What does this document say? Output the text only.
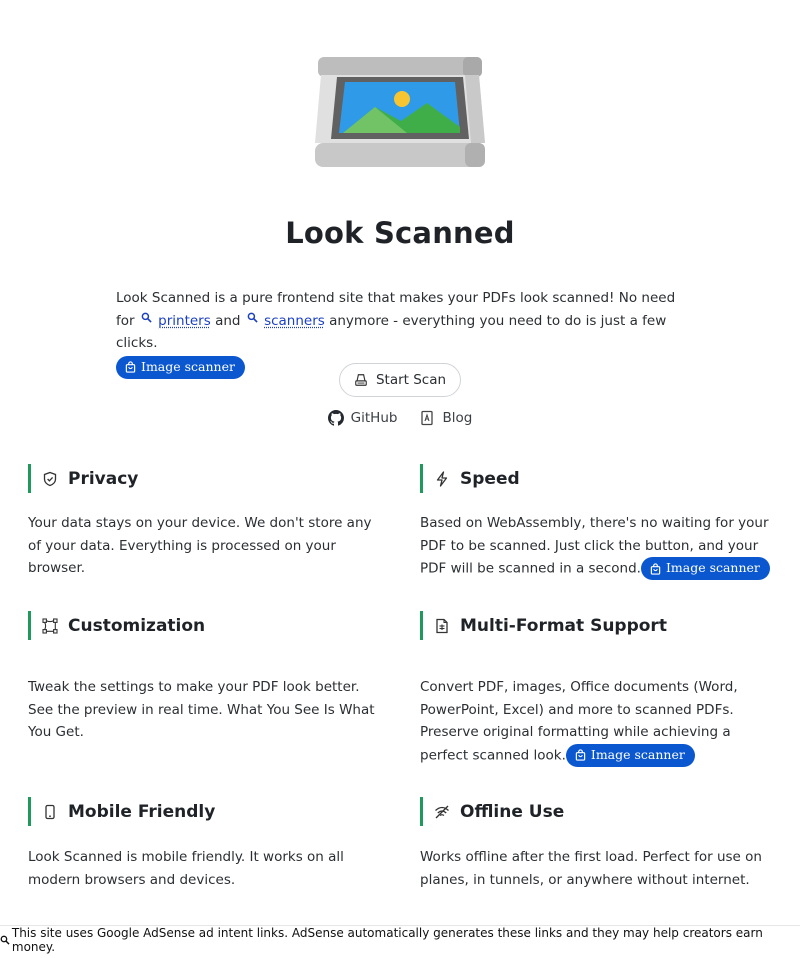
Look Scanned
Look Scanned is a pure frontend site that makes your PDFs look scanned! No need for printers and scanners anymore - everything you need to do is just a few clicks.

Image scanner
Start Scan
GitHub	Blog
Privacy

Your data stays on your device. We don't store any of your data. Everything is processed on your browser.

Speed

Based on WebAssembly, there's no waiting for your PDF to be scanned. Just click the button, and your PDF will be scanned in a second. Image scanner

Customization

Tweak the settings to make your PDF look better. See the preview in real time. What You See Is What You Get.

Multi-Format Support

Convert PDF, images, Office documents (Word, PowerPoint, Excel) and more to scanned PDFs. Preserve original formatting while achieving a perfect scanned look. Image scanner

Mobile Friendly

Look Scanned is mobile friendly. It works on all modern browsers and devices.

Offline Use

Works offline after the first load. Perfect for use on planes, in tunnels, or anywhere without internet.

This site uses Google AdSense ad intent links. AdSense automatically generates these links and they may help creators earn money.
